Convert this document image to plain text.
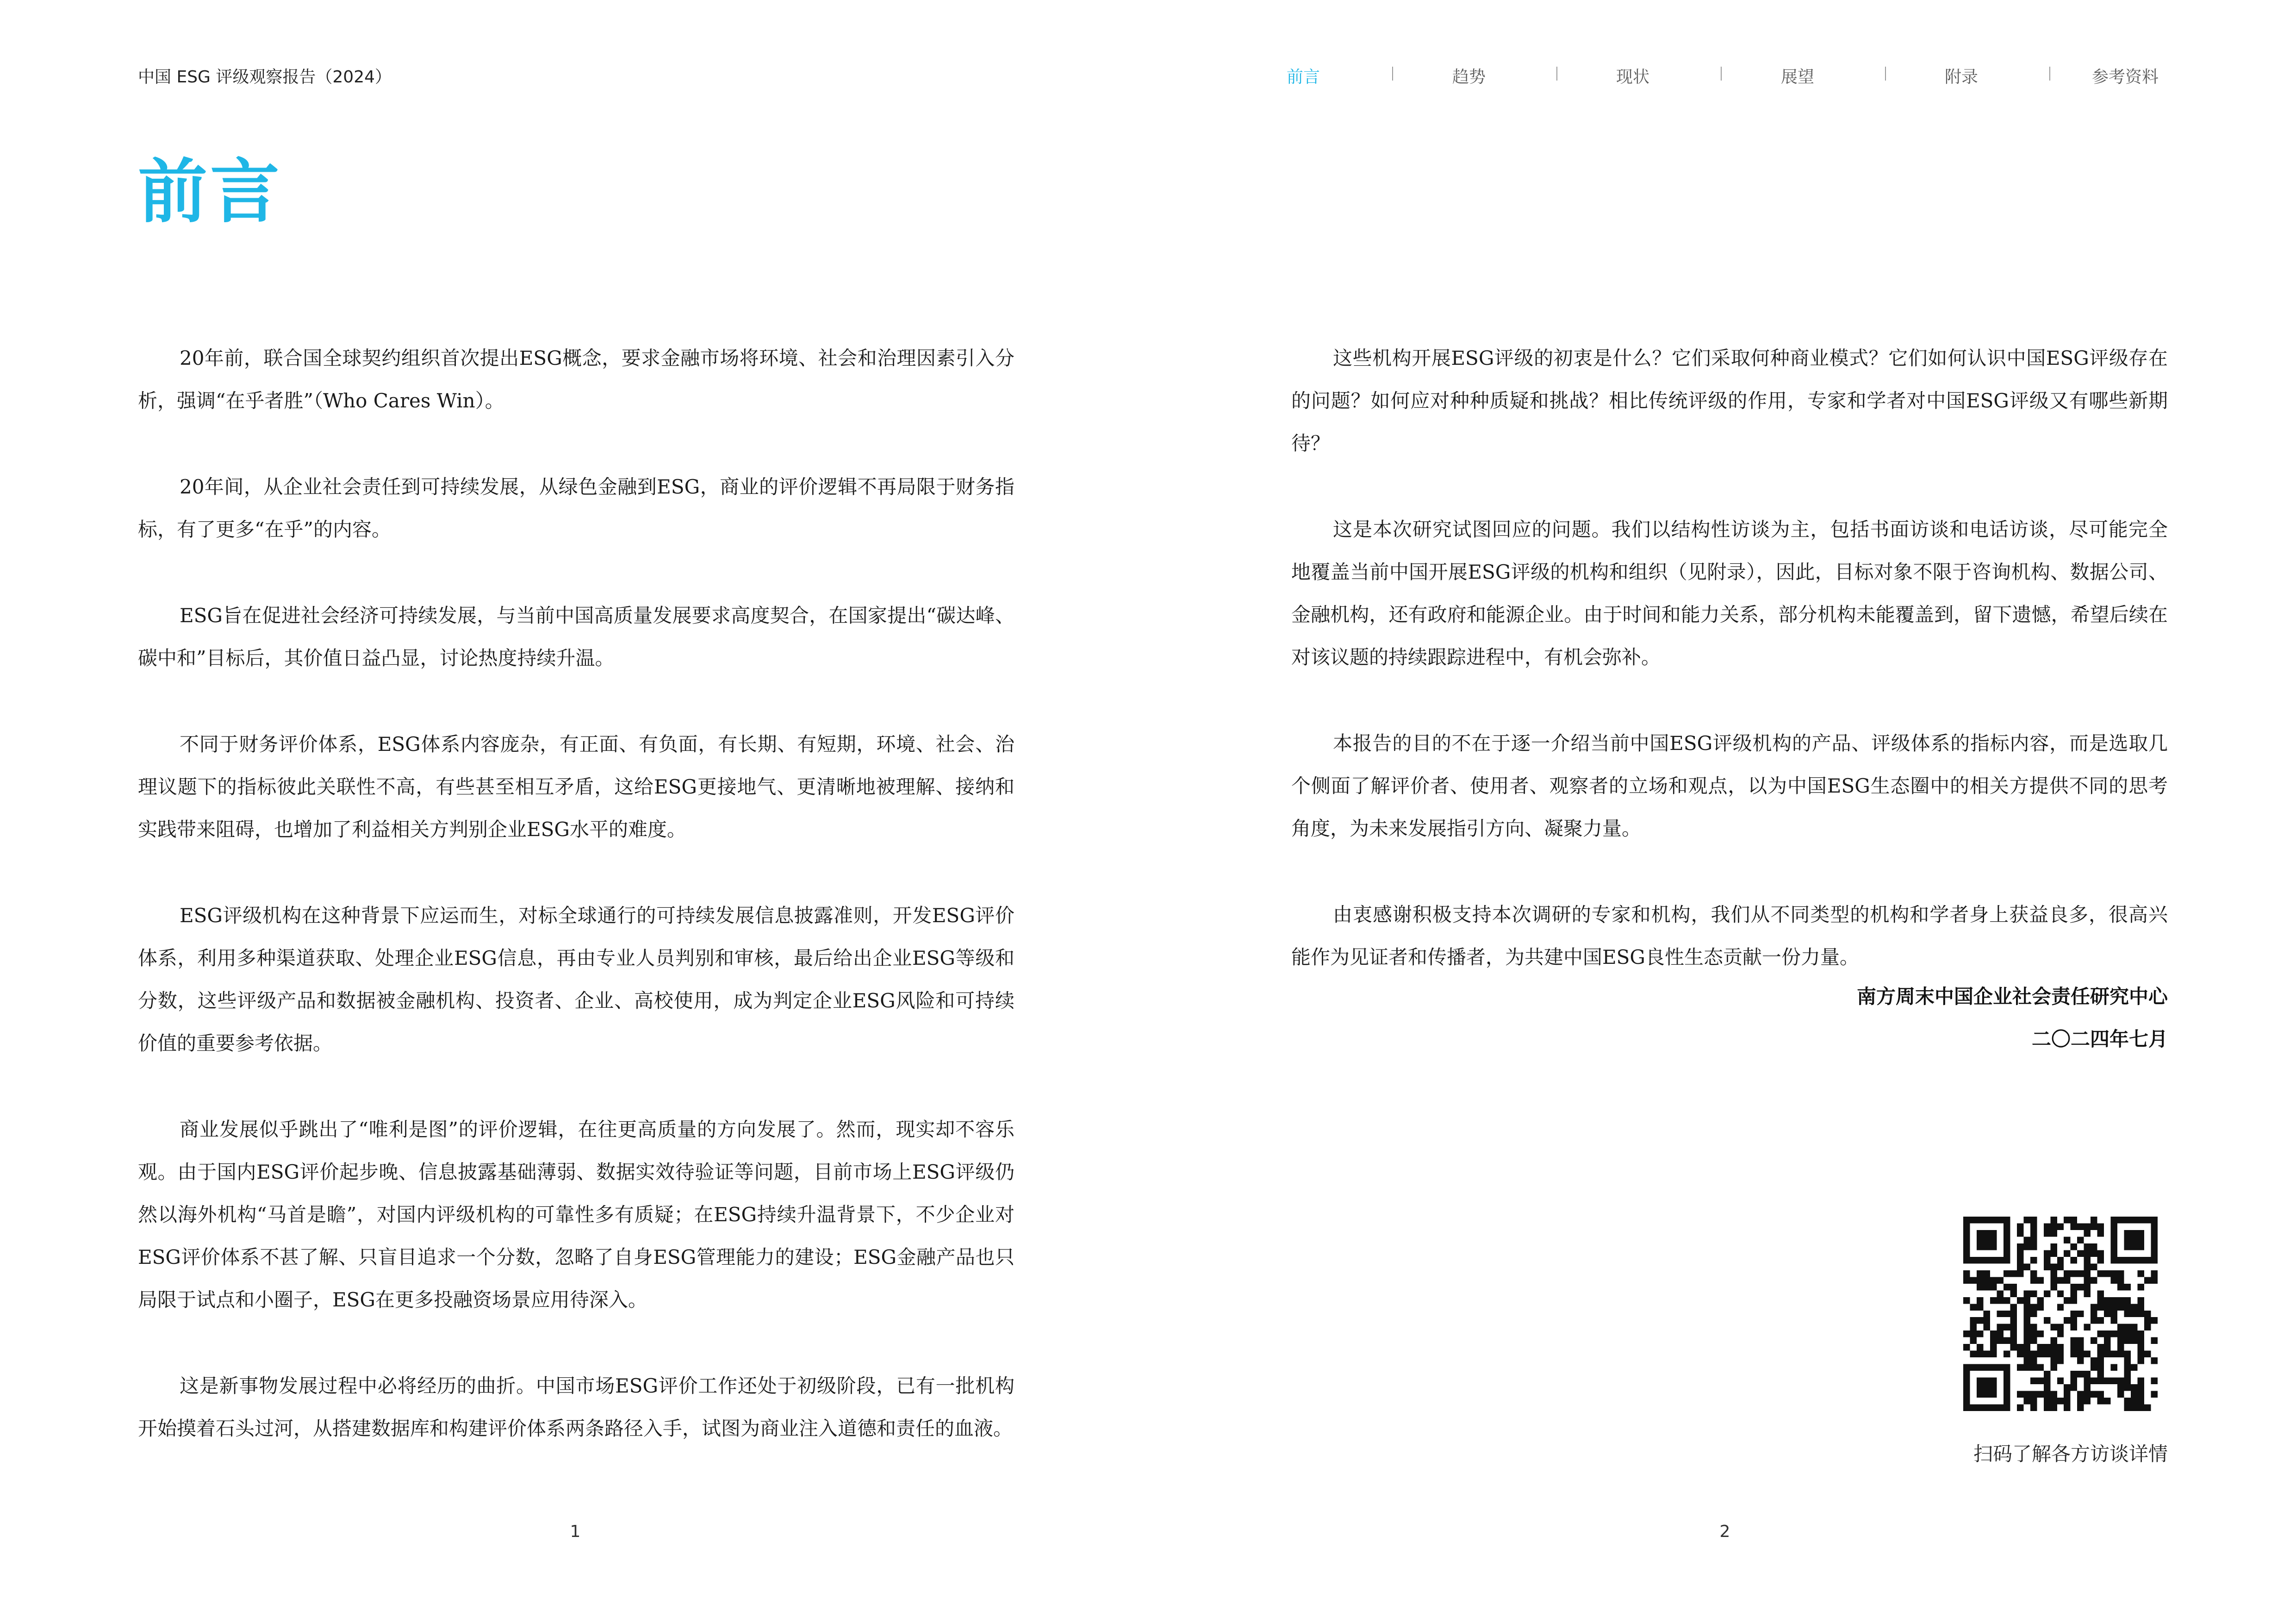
中国 ESG 评级观察报告（2024）	前言	趋势	现状	展望	附录	参考资料
前言

20年前，联合国全球契约组织首次提出ESG概念，要求金融市场将环境、社会和治理因素引入分析，强调“在乎者胜”（Who Cares Win）。

20年间，从企业社会责任到可持续发展，从绿色金融到ESG，商业的评价逻辑不再局限于财务指标，有了更多“在乎”的内容。

ESG旨在促进社会经济可持续发展，与当前中国高质量发展要求高度契合，在国家提出“碳达峰、碳中和”目标后，其价值日益凸显，讨论热度持续升温。

不同于财务评价体系，ESG体系内容庞杂，有正面、有负面，有长期、有短期，环境、社会、治理议题下的指标彼此关联性不高，有些甚至相互矛盾，这给ESG更接地气、更清晰地被理解、接纳和实践带来阻碍，也增加了利益相关方判别企业ESG水平的难度。

ESG评级机构在这种背景下应运而生，对标全球通行的可持续发展信息披露准则，开发ESG评价体系，利用多种渠道获取、处理企业ESG信息，再由专业人员判别和审核，最后给出企业ESG等级和分数，这些评级产品和数据被金融机构、投资者、企业、高校使用，成为判定企业ESG风险和可持续价值的重要参考依据。

商业发展似乎跳出了“唯利是图”的评价逻辑，在往更高质量的方向发展了。然而，现实却不容乐观。由于国内ESG评价起步晚、信息披露基础薄弱、数据实效待验证等问题，目前市场上ESG评级仍然以海外机构“马首是瞻”，对国内评级机构的可靠性多有质疑；在ESG持续升温背景下，不少企业对ESG评价体系不甚了解、只盲目追求一个分数，忽略了自身ESG管理能力的建设；ESG金融产品也只局限于试点和小圈子，ESG在更多投融资场景应用待深入。

这是新事物发展过程中必将经历的曲折。中国市场ESG评价工作还处于初级阶段，已有一批机构开始摸着石头过河，从搭建数据库和构建评价体系两条路径入手，试图为商业注入道德和责任的血液。

1

这些机构开展ESG评级的初衷是什么？它们采取何种商业模式？它们如何认识中国ESG评级存在的问题？如何应对种种质疑和挑战？相比传统评级的作用，专家和学者对中国ESG评级又有哪些新期待？

这是本次研究试图回应的问题。我们以结构性访谈为主，包括书面访谈和电话访谈，尽可能完全地覆盖当前中国开展ESG评级的机构和组织（见附录），因此，目标对象不限于咨询机构、数据公司、金融机构，还有政府和能源企业。由于时间和能力关系，部分机构未能覆盖到，留下遗憾，希望后续在对该议题的持续跟踪进程中，有机会弥补。

本报告的目的不在于逐一介绍当前中国ESG评级机构的产品、评级体系的指标内容，而是选取几个侧面了解评价者、使用者、观察者的立场和观点，以为中国ESG生态圈中的相关方提供不同的思考角度，为未来发展指引方向、凝聚力量。

由衷感谢积极支持本次调研的专家和机构，我们从不同类型的机构和学者身上获益良多，很高兴能作为见证者和传播者，为共建中国ESG良性生态贡献一份力量。

南方周末中国企业社会责任研究中心
二〇二四年七月
扫码了解各方访谈详情
2
